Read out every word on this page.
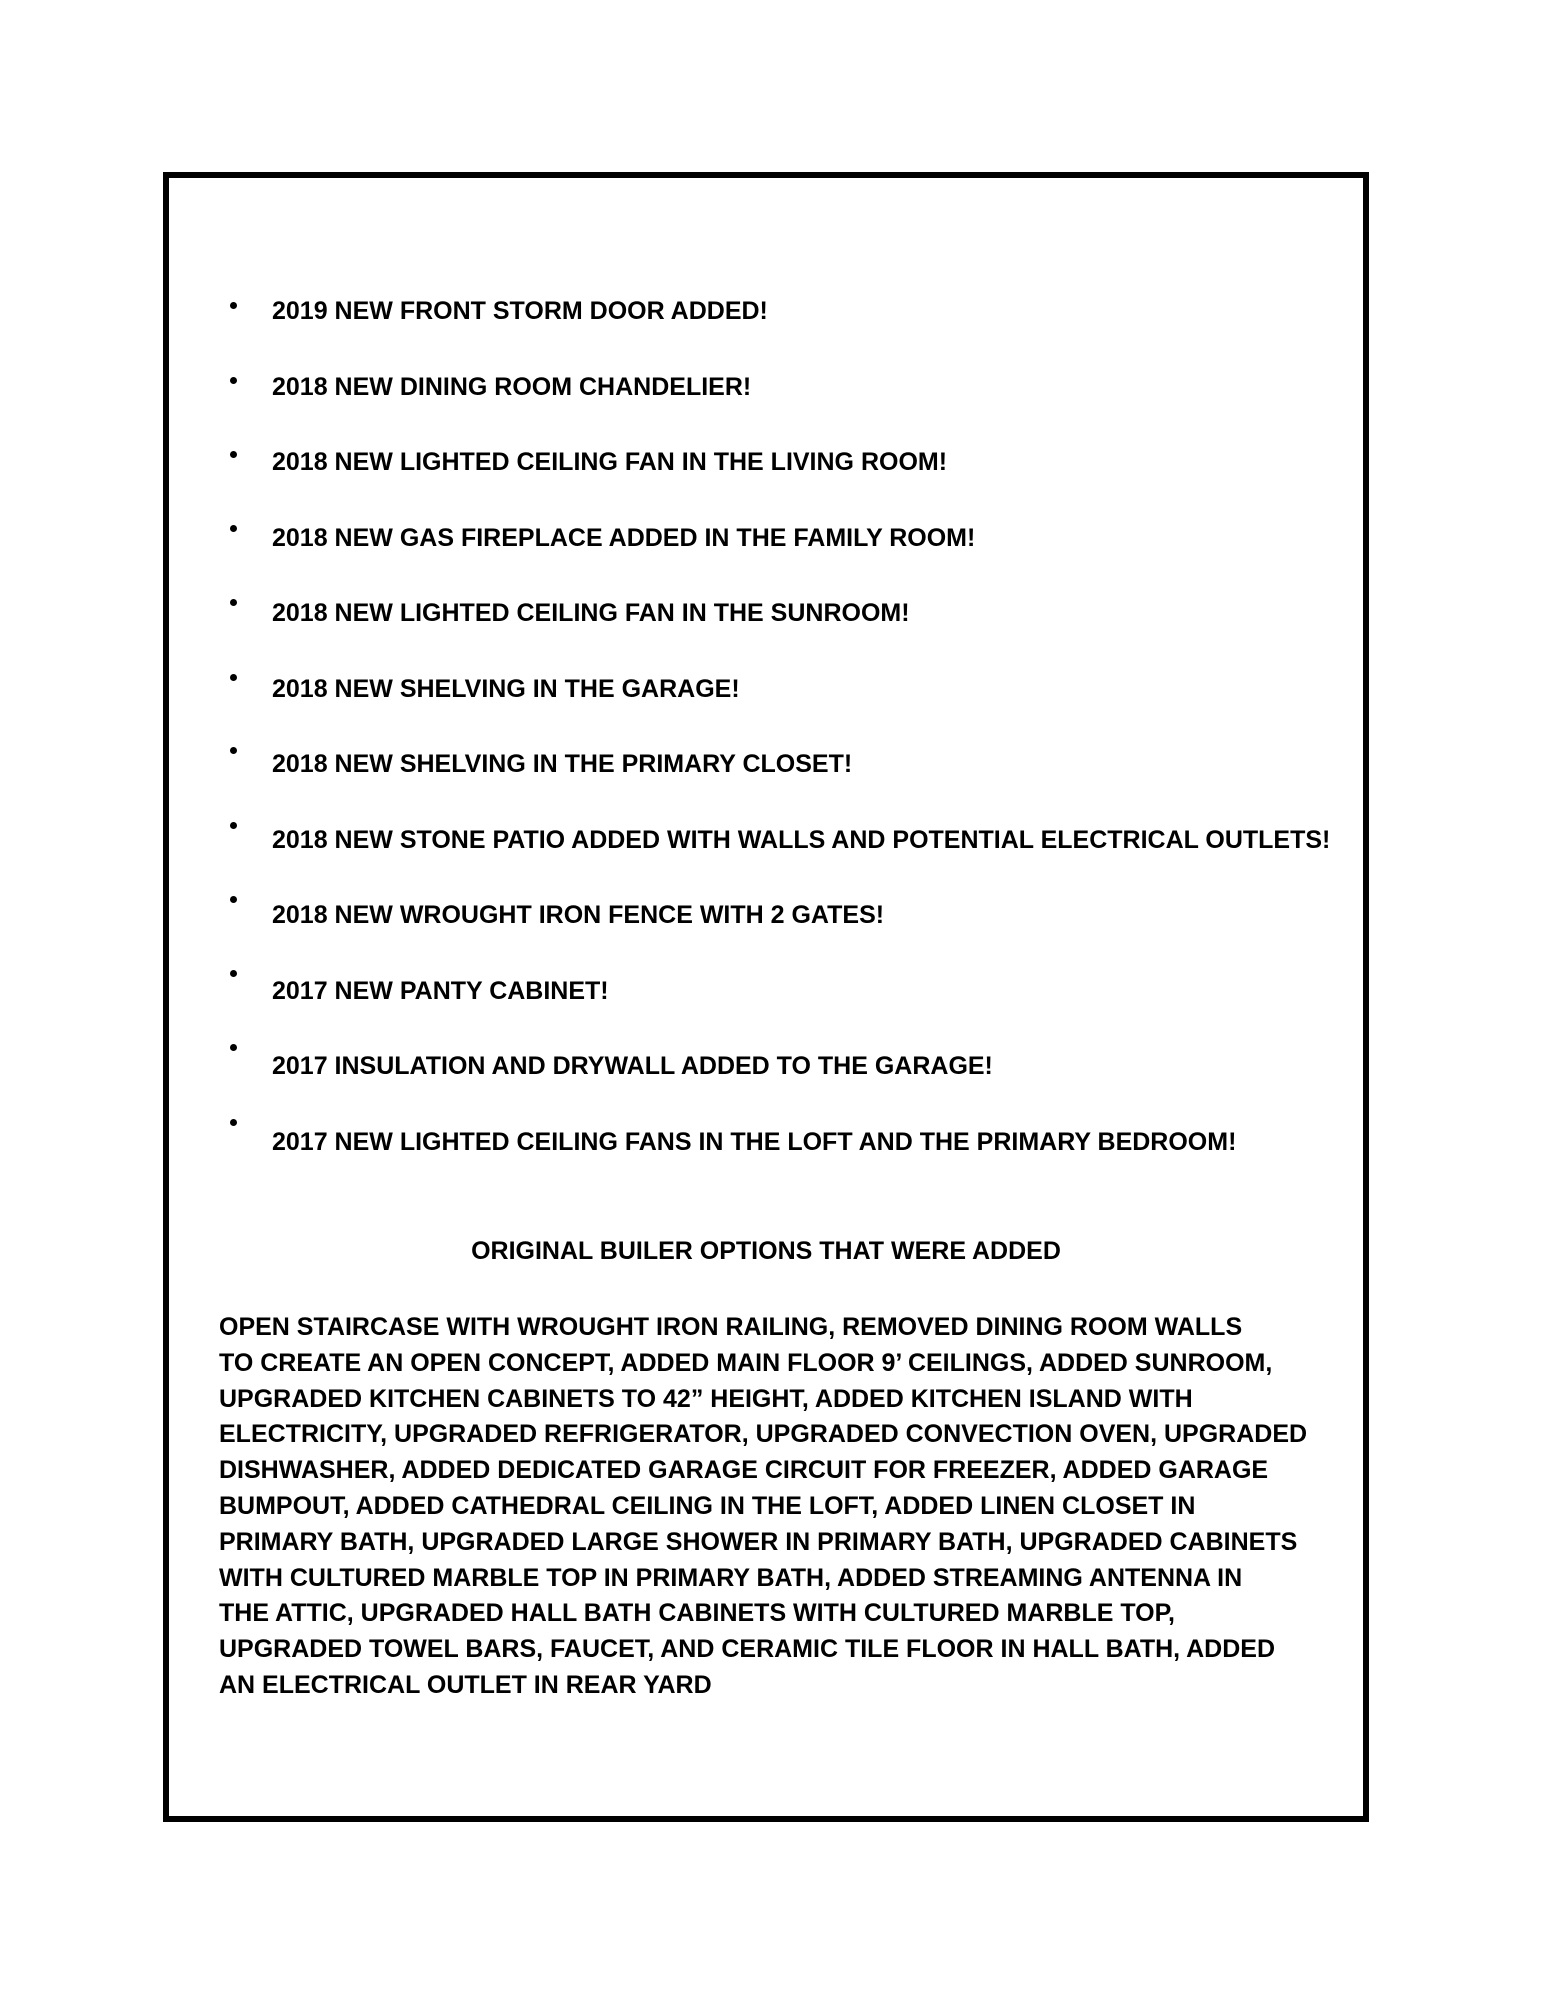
2019 NEW FRONT STORM DOOR ADDED!
2018 NEW DINING ROOM CHANDELIER!
2018 NEW LIGHTED CEILING FAN IN THE LIVING ROOM!
2018 NEW GAS FIREPLACE ADDED IN THE FAMILY ROOM!
2018 NEW LIGHTED CEILING FAN IN THE SUNROOM!
2018 NEW SHELVING IN THE GARAGE!
2018 NEW SHELVING IN THE PRIMARY CLOSET!
2018 NEW STONE PATIO ADDED WITH WALLS AND POTENTIAL ELECTRICAL OUTLETS!
2018 NEW WROUGHT IRON FENCE WITH 2 GATES!
2017 NEW PANTY CABINET!
2017 INSULATION AND DRYWALL ADDED TO THE GARAGE!
2017 NEW LIGHTED CEILING FANS IN THE LOFT AND THE PRIMARY BEDROOM!
ORIGINAL BUILER OPTIONS THAT WERE ADDED

OPEN STAIRCASE WITH WROUGHT IRON RAILING, REMOVED DINING ROOM WALLS
TO CREATE AN OPEN CONCEPT, ADDED MAIN FLOOR 9’ CEILINGS, ADDED SUNROOM,
UPGRADED KITCHEN CABINETS TO 42” HEIGHT, ADDED KITCHEN ISLAND WITH
ELECTRICITY, UPGRADED REFRIGERATOR, UPGRADED CONVECTION OVEN, UPGRADED
DISHWASHER, ADDED DEDICATED GARAGE CIRCUIT FOR FREEZER, ADDED GARAGE
BUMPOUT, ADDED CATHEDRAL CEILING IN THE LOFT, ADDED LINEN CLOSET IN
PRIMARY BATH, UPGRADED LARGE SHOWER IN PRIMARY BATH, UPGRADED CABINETS
WITH CULTURED MARBLE TOP IN PRIMARY BATH, ADDED STREAMING ANTENNA IN
THE ATTIC, UPGRADED HALL BATH CABINETS WITH CULTURED MARBLE TOP,
UPGRADED TOWEL BARS, FAUCET, AND CERAMIC TILE FLOOR IN HALL BATH, ADDED
AN ELECTRICAL OUTLET IN REAR YARD
